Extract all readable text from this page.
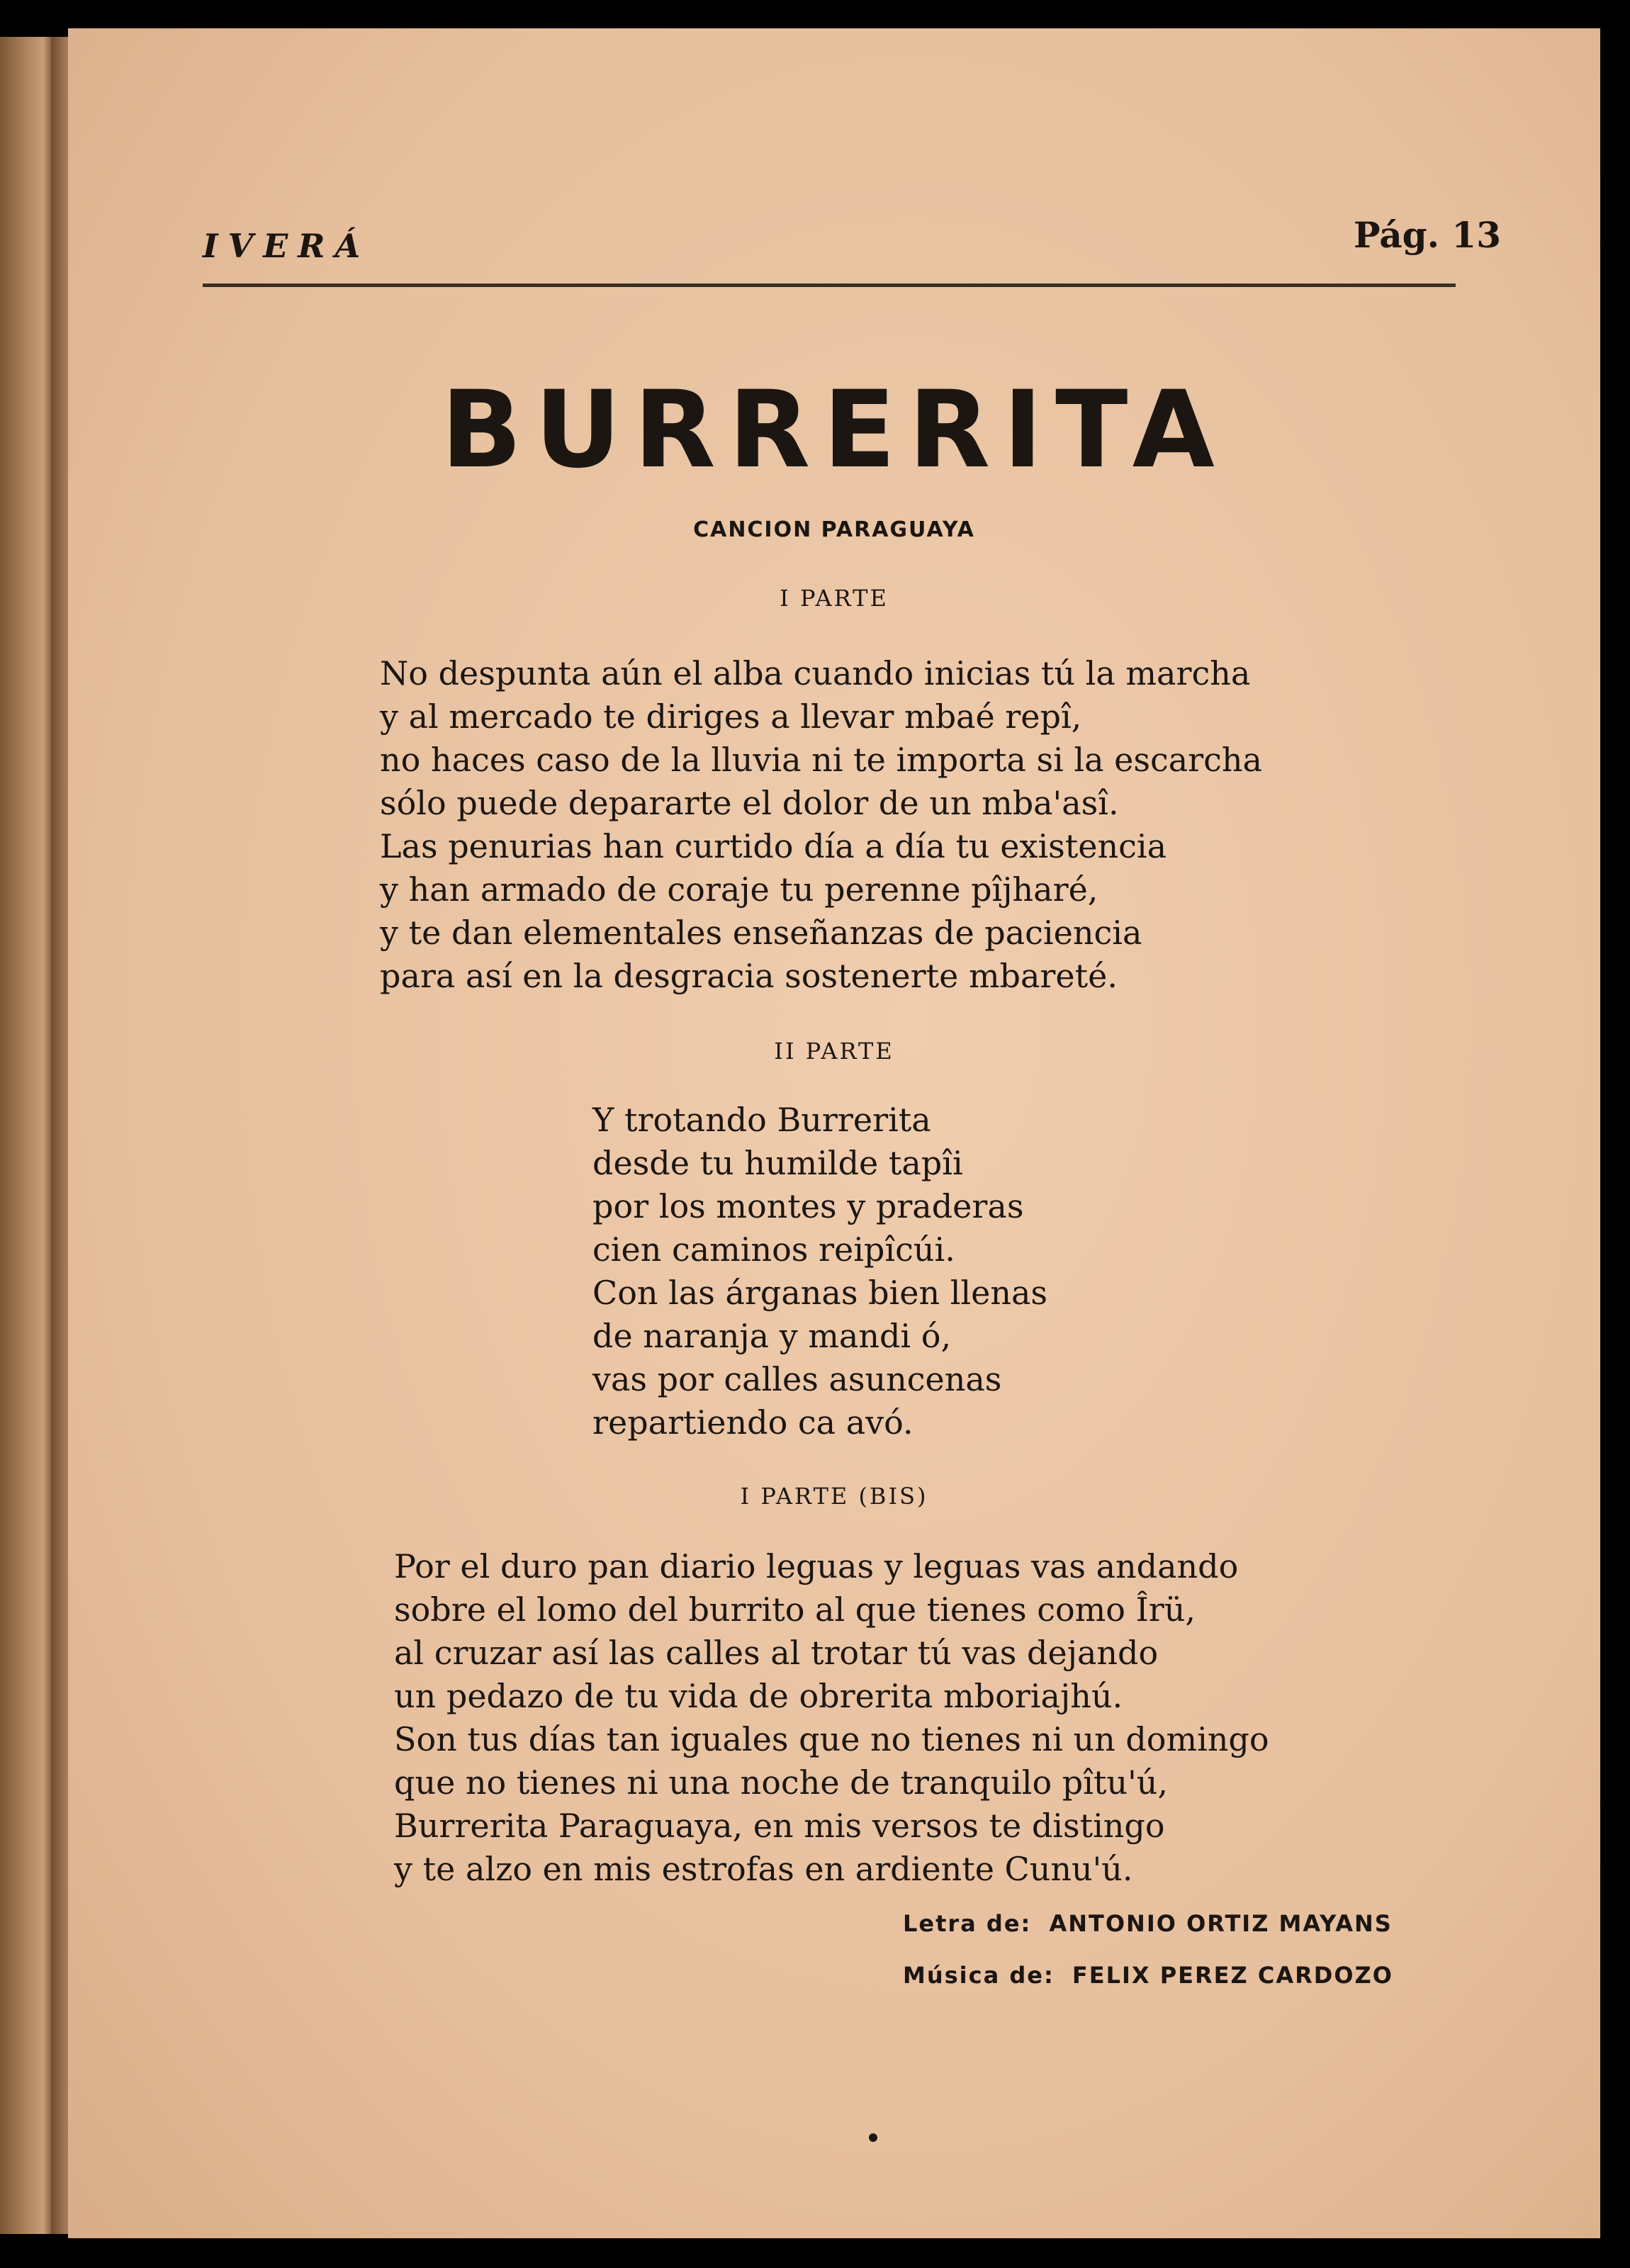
IVERÁ	Pág. 13
BURRERITA
CANCION PARAGUAYA
I PARTE
No despunta aún el alba cuando inicias tú la marcha
y al mercado te diriges a llevar mbaé repî,
no haces caso de la lluvia ni te importa si la escarcha
sólo puede depararte el dolor de un mba'asî.
Las penurias han curtido día a día tu existencia
y han armado de coraje tu perenne pîjharé,
y te dan elementales enseñanzas de paciencia
para así en la desgracia sostenerte mbareté.
II PARTE
Y trotando Burrerita
desde tu humilde tapîi
por los montes y praderas
cien caminos reipîcúi.
Con las árganas bien llenas
de naranja y mandi ó,
vas por calles asuncenas
repartiendo ca avó.
I PARTE (BIS)
Por el duro pan diario leguas y leguas vas andando
sobre el lomo del burrito al que tienes como Îrü,
al cruzar así las calles al trotar tú vas dejando
un pedazo de tu vida de obrerita mboriajhú.
Son tus días tan iguales que no tienes ni un domingo
que no tienes ni una noche de tranquilo pîtu'ú,
Burrerita Paraguaya, en mis versos te distingo
y te alzo en mis estrofas en ardiente Cunu'ú.
Letra de: ANTONIO ORTIZ MAYANS
Música de: FELIX PEREZ CARDOZO
